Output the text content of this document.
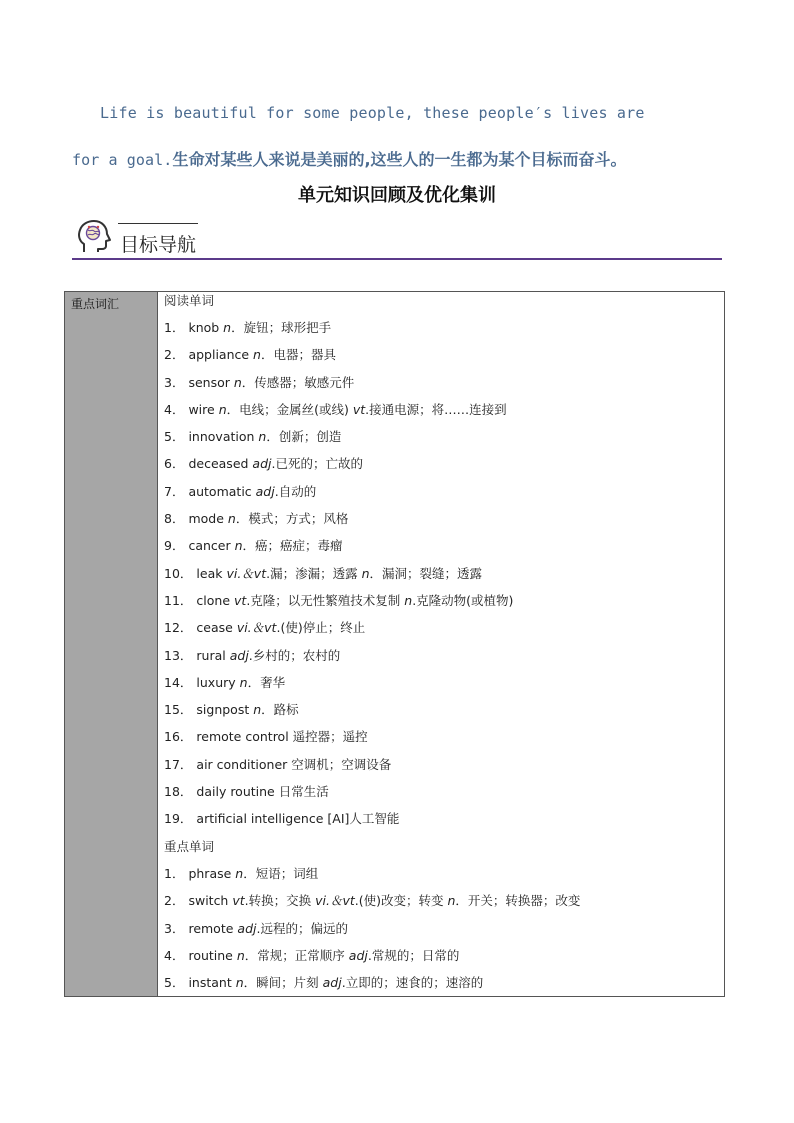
Life is beautiful for some people, these people′s lives are
for a goal.生命对某些人来说是美丽的,这些人的一生都为某个目标而奋斗。
单元知识回顾及优化集训
目标导航
重点词汇	阅读单词
1． knob n．旋钮；球形把手
2． appliance n．电器；器具
3． sensor n．传感器；敏感元件
4． wire n．电线；金属丝(或线) vt.接通电源；将……连接到
5． innovation n．创新；创造
6． deceased adj.已死的；亡故的
7． automatic adj.自动的
8． mode n．模式；方式；风格
9． cancer n．癌；癌症；毒瘤
10． leak vi.＆vt.漏；渗漏；透露 n．漏洞；裂缝；透露
11． clone vt.克隆；以无性繁殖技术复制 n.克隆动物(或植物)
12． cease vi.＆vt.(使)停止；终止
13． rural adj.乡村的；农村的
14． luxury n．奢华
15． signpost n．路标
16． remote control 遥控器；遥控
17． air conditioner 空调机；空调设备
18． daily routine 日常生活
19． artificial intelligence [AI]人工智能
重点单词
1． phrase n．短语；词组
2． switch vt.转换；交换 vi.＆vt.(使)改变；转变 n．开关；转换器；改变
3． remote adj.远程的；偏远的
4． routine n．常规；正常顺序 adj.常规的；日常的
5． instant n．瞬间；片刻 adj.立即的；速食的；速溶的
